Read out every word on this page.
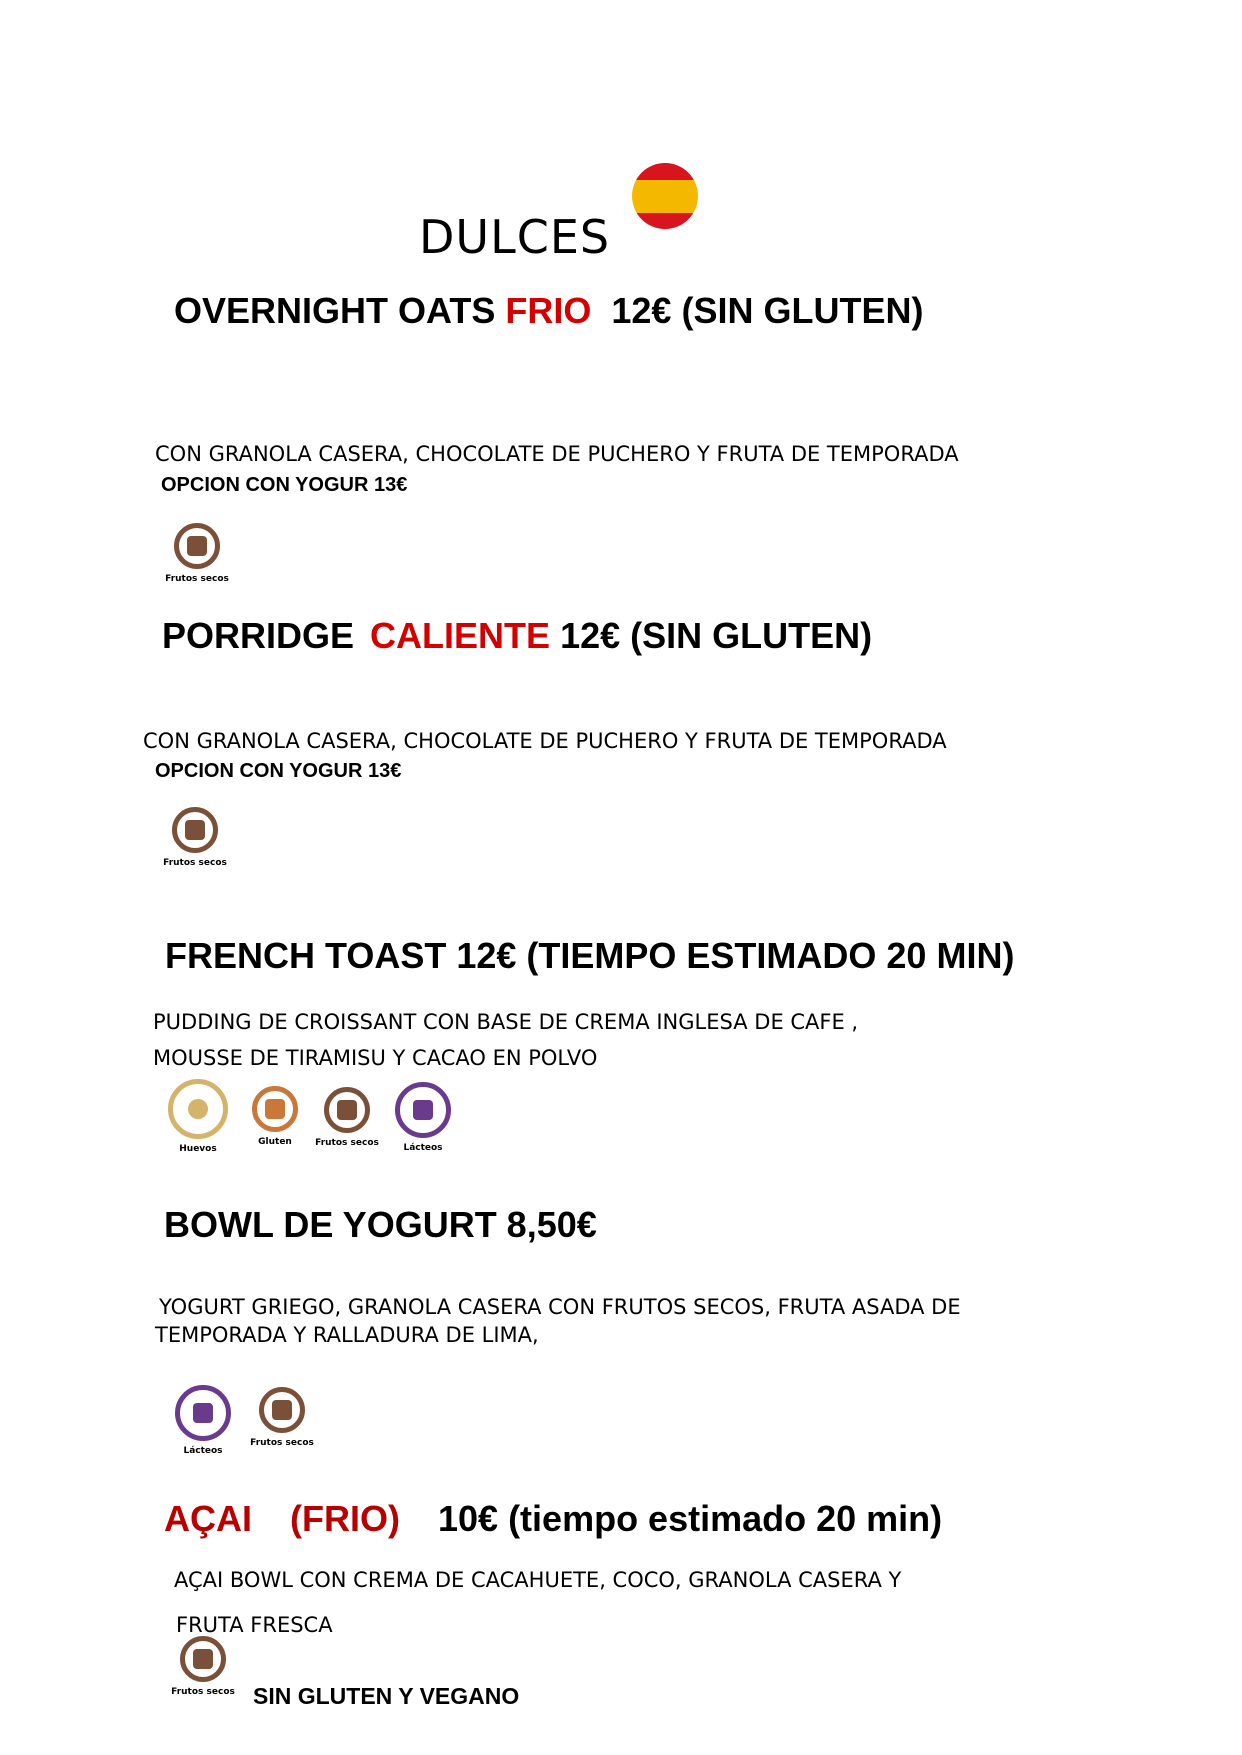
DULCES
OVERNIGHT OATS FRIO 12€ (SIN GLUTEN)
CON GRANOLA CASERA, CHOCOLATE DE PUCHERO Y FRUTA DE TEMPORADA
OPCION CON YOGUR 13€
Frutos secos
PORRIDGE CALIENTE 12€ (SIN GLUTEN)
CON GRANOLA CASERA, CHOCOLATE DE PUCHERO Y FRUTA DE TEMPORADA
OPCION CON YOGUR 13€
Frutos secos
FRENCH TOAST 12€ (TIEMPO ESTIMADO 20 MIN)
PUDDING DE CROISSANT CON BASE DE CREMA INGLESA DE CAFE ,
MOUSSE DE TIRAMISU Y CACAO EN POLVO
Huevos
Gluten	Frutos secos	Lácteos
BOWL DE YOGURT 8,50€
YOGURT GRIEGO, GRANOLA CASERA CON FRUTOS SECOS, FRUTA ASADA DE
TEMPORADA Y RALLADURA DE LIMA,
Lácteos
Frutos secos
AÇAI (FRIO) 10€ (tiempo estimado 20 min)
AÇAI BOWL CON CREMA DE CACAHUETE, COCO, GRANOLA CASERA Y
FRUTA FRESCA
Frutos secos SIN GLUTEN Y VEGANO
